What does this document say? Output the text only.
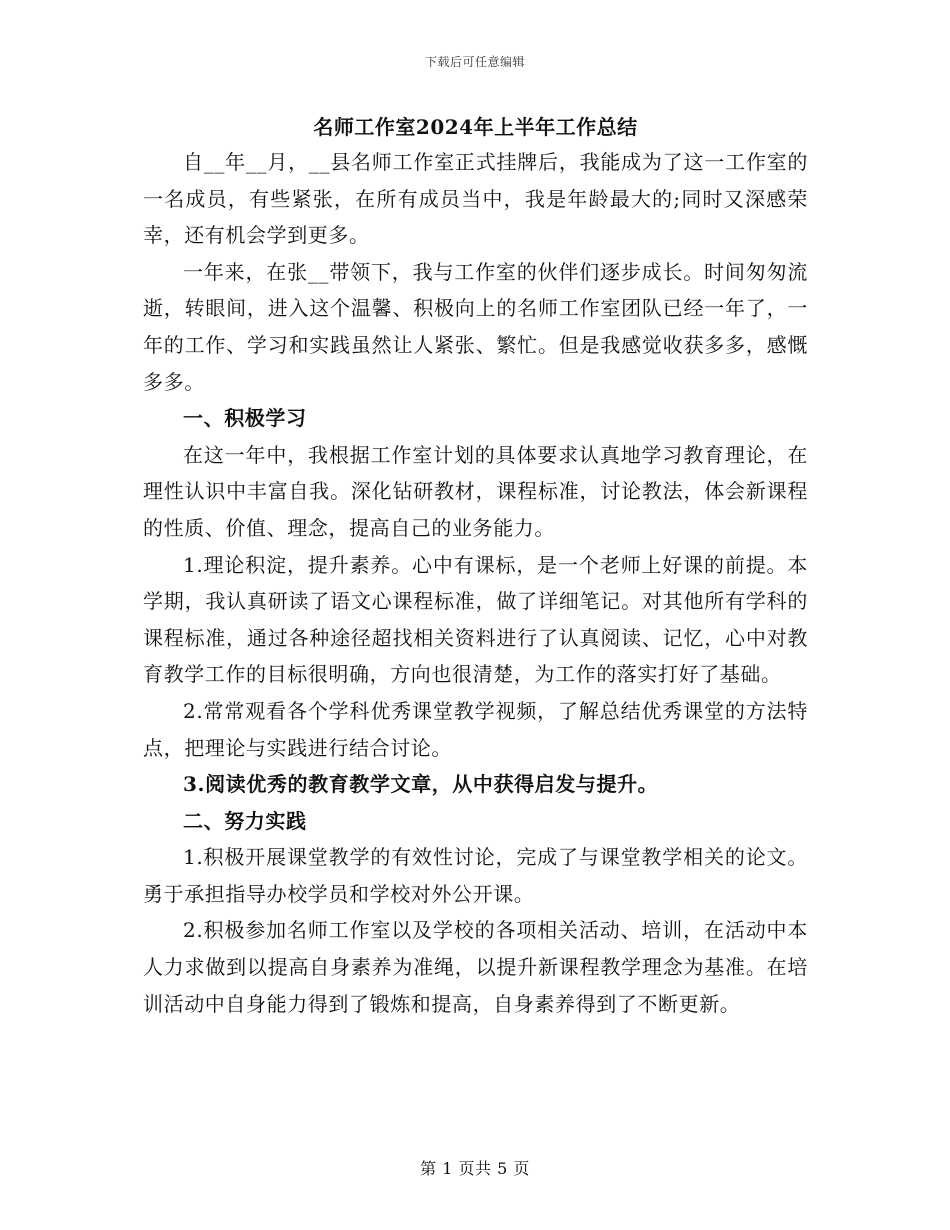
下载后可任意编辑
名师工作室2024年上半年工作总结

自__年__月，__县名师工作室正式挂牌后，我能成为了这一工作室的一名成员，有些紧张，在所有成员当中，我是年龄最大的;同时又深感荣幸，还有机会学到更多。

一年来，在张__带领下，我与工作室的伙伴们逐步成长。时间匆匆流逝，转眼间，进入这个温馨、积极向上的名师工作室团队已经一年了，一年的工作、学习和实践虽然让人紧张、繁忙。但是我感觉收获多多，感慨多多。

一、积极学习

在这一年中，我根据工作室计划的具体要求认真地学习教育理论，在理性认识中丰富自我。深化钻研教材，课程标准，讨论教法，体会新课程的性质、价值、理念，提高自己的业务能力。

1.理论积淀，提升素养。心中有课标，是一个老师上好课的前提。本学期，我认真研读了语文心课程标准，做了详细笔记。对其他所有学科的课程标准，通过各种途径超找相关资料进行了认真阅读、记忆，心中对教育教学工作的目标很明确，方向也很清楚，为工作的落实打好了基础。

2.常常观看各个学科优秀课堂教学视频，了解总结优秀课堂的方法特点，把理论与实践进行结合讨论。

3.阅读优秀的教育教学文章，从中获得启发与提升。

二、努力实践

1.积极开展课堂教学的有效性讨论，完成了与课堂教学相关的论文。勇于承担指导办校学员和学校对外公开课。

2.积极参加名师工作室以及学校的各项相关活动、培训，在活动中本人力求做到以提高自身素养为准绳，以提升新课程教学理念为基准。在培训活动中自身能力得到了锻炼和提高，自身素养得到了不断更新。

第 1 页共 5 页
